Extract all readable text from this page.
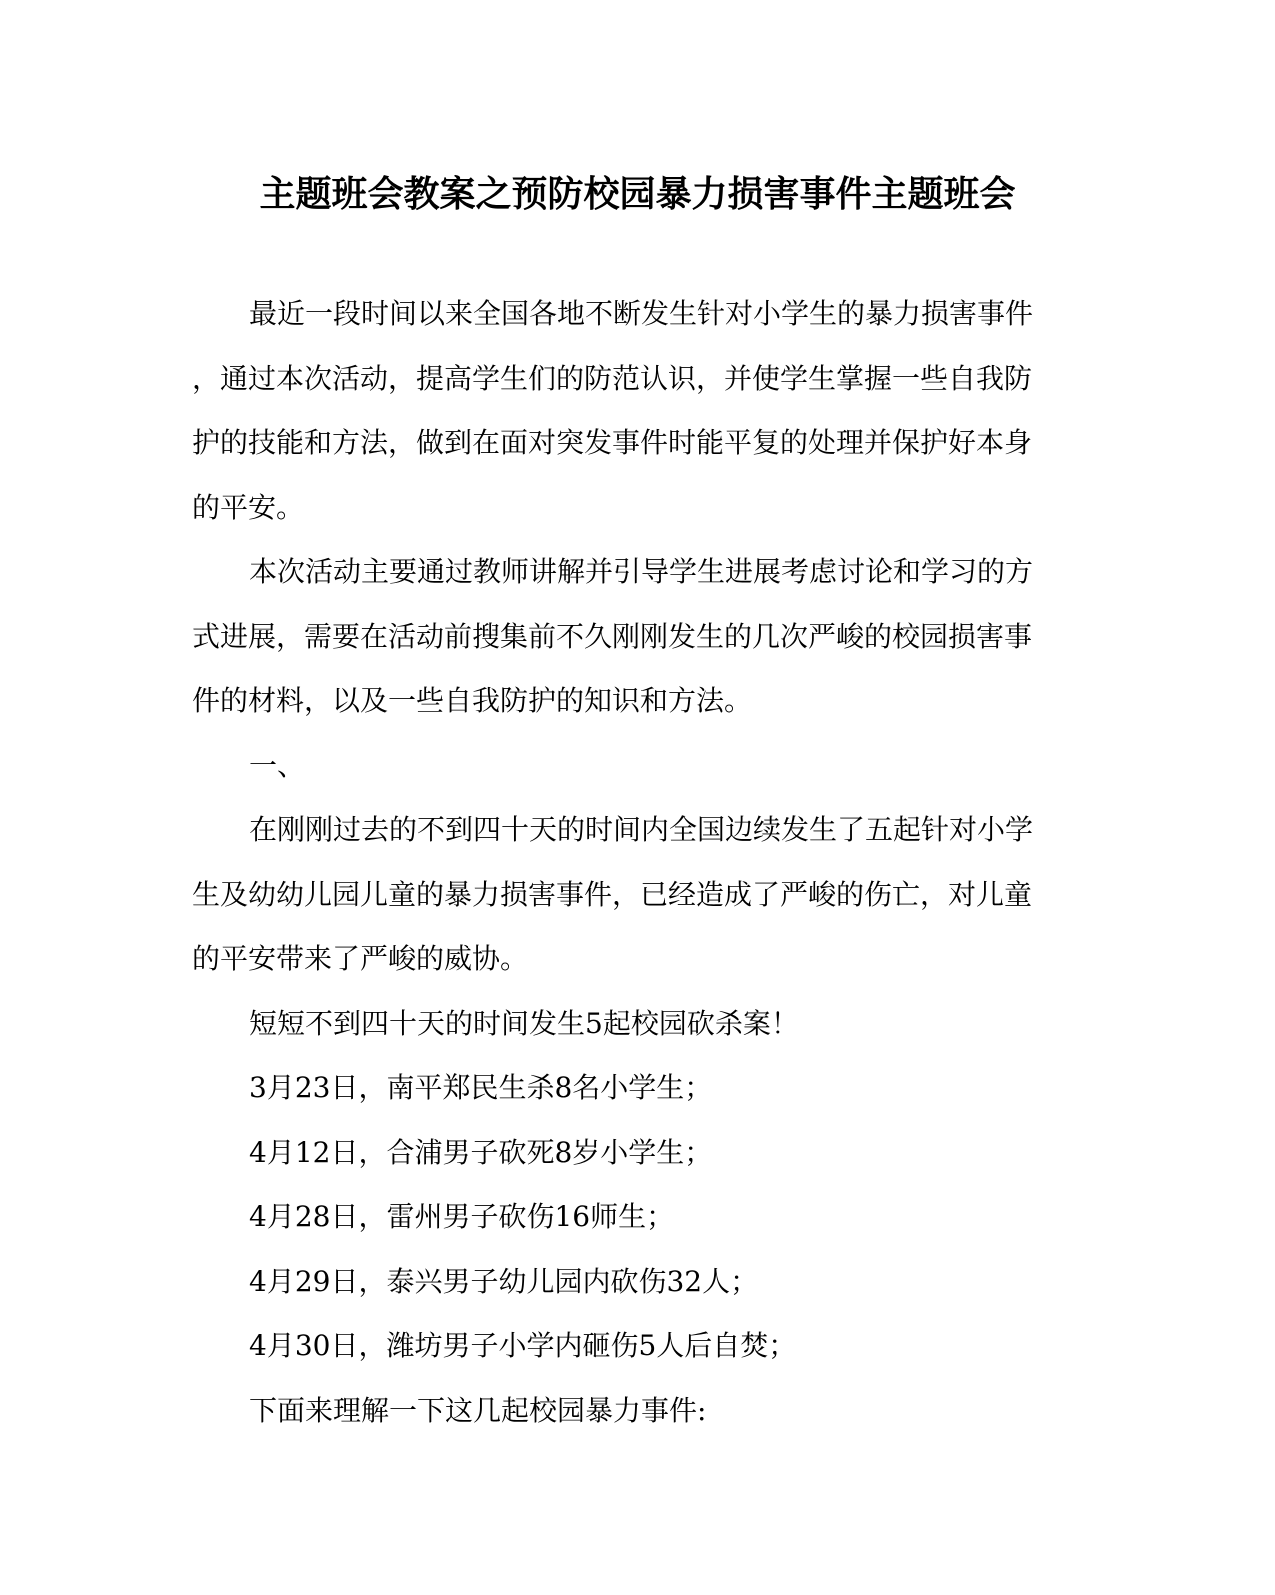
主题班会教案之预防校园暴力损害事件主题班会

最近一段时间以来全国各地不断发生针对小学生的暴力损害事件

，通过本次活动，提高学生们的防范认识，并使学生掌握一些自我防

护的技能和方法，做到在面对突发事件时能平复的处理并保护好本身

的平安。

本次活动主要通过教师讲解并引导学生进展考虑讨论和学习的方

式进展，需要在活动前搜集前不久刚刚发生的几次严峻的校园损害事

件的材料，以及一些自我防护的知识和方法。

一、

在刚刚过去的不到四十天的时间内全国边续发生了五起针对小学

生及幼幼儿园儿童的暴力损害事件，已经造成了严峻的伤亡，对儿童

的平安带来了严峻的威协。

短短不到四十天的时间发生5起校园砍杀案！

3月23日，南平郑民生杀8名小学生；

4月12日，合浦男子砍死8岁小学生；

4月28日，雷州男子砍伤16师生；

4月29日，泰兴男子幼儿园内砍伤32人；

4月30日，潍坊男子小学内砸伤5人后自焚；

下面来理解一下这几起校园暴力事件:
